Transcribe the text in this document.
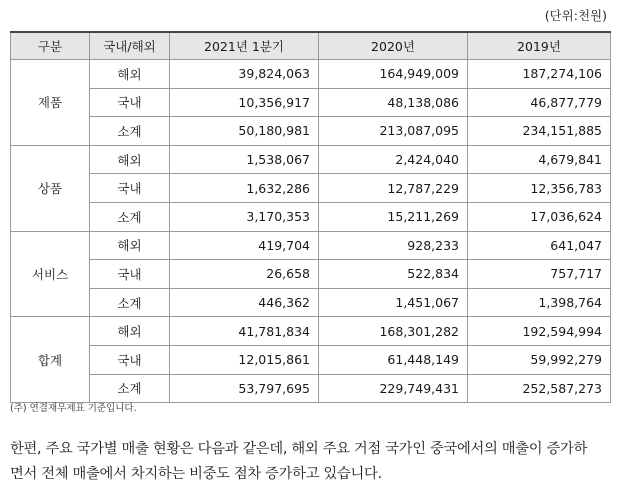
(단위:천원)
구분	국내/해외	2021년 1분기	2020년	2019년
제품	해외	39,824,063	164,949,009	187,274,106
	국내	10,356,917	48,138,086	46,877,779
	소계	50,180,981	213,087,095	234,151,885
상품	해외	1,538,067	2,424,040	4,679,841
	국내	1,632,286	12,787,229	12,356,783
	소계	3,170,353	15,211,269	17,036,624
서비스	해외	419,704	928,233	641,047
	국내	26,658	522,834	757,717
	소계	446,362	1,451,067	1,398,764
합계	해외	41,781,834	168,301,282	192,594,994
	국내	12,015,861	61,448,149	59,992,279
	소계	53,797,695	229,749,431	252,587,273
(주) 연결재무제표 기준입니다.
한편, 주요 국가별 매출 현황은 다음과 같은데, 해외 주요 거점 국가인 중국에서의 매출이 증가하
면서 전체 매출에서 차지하는 비중도 점차 증가하고 있습니다.
